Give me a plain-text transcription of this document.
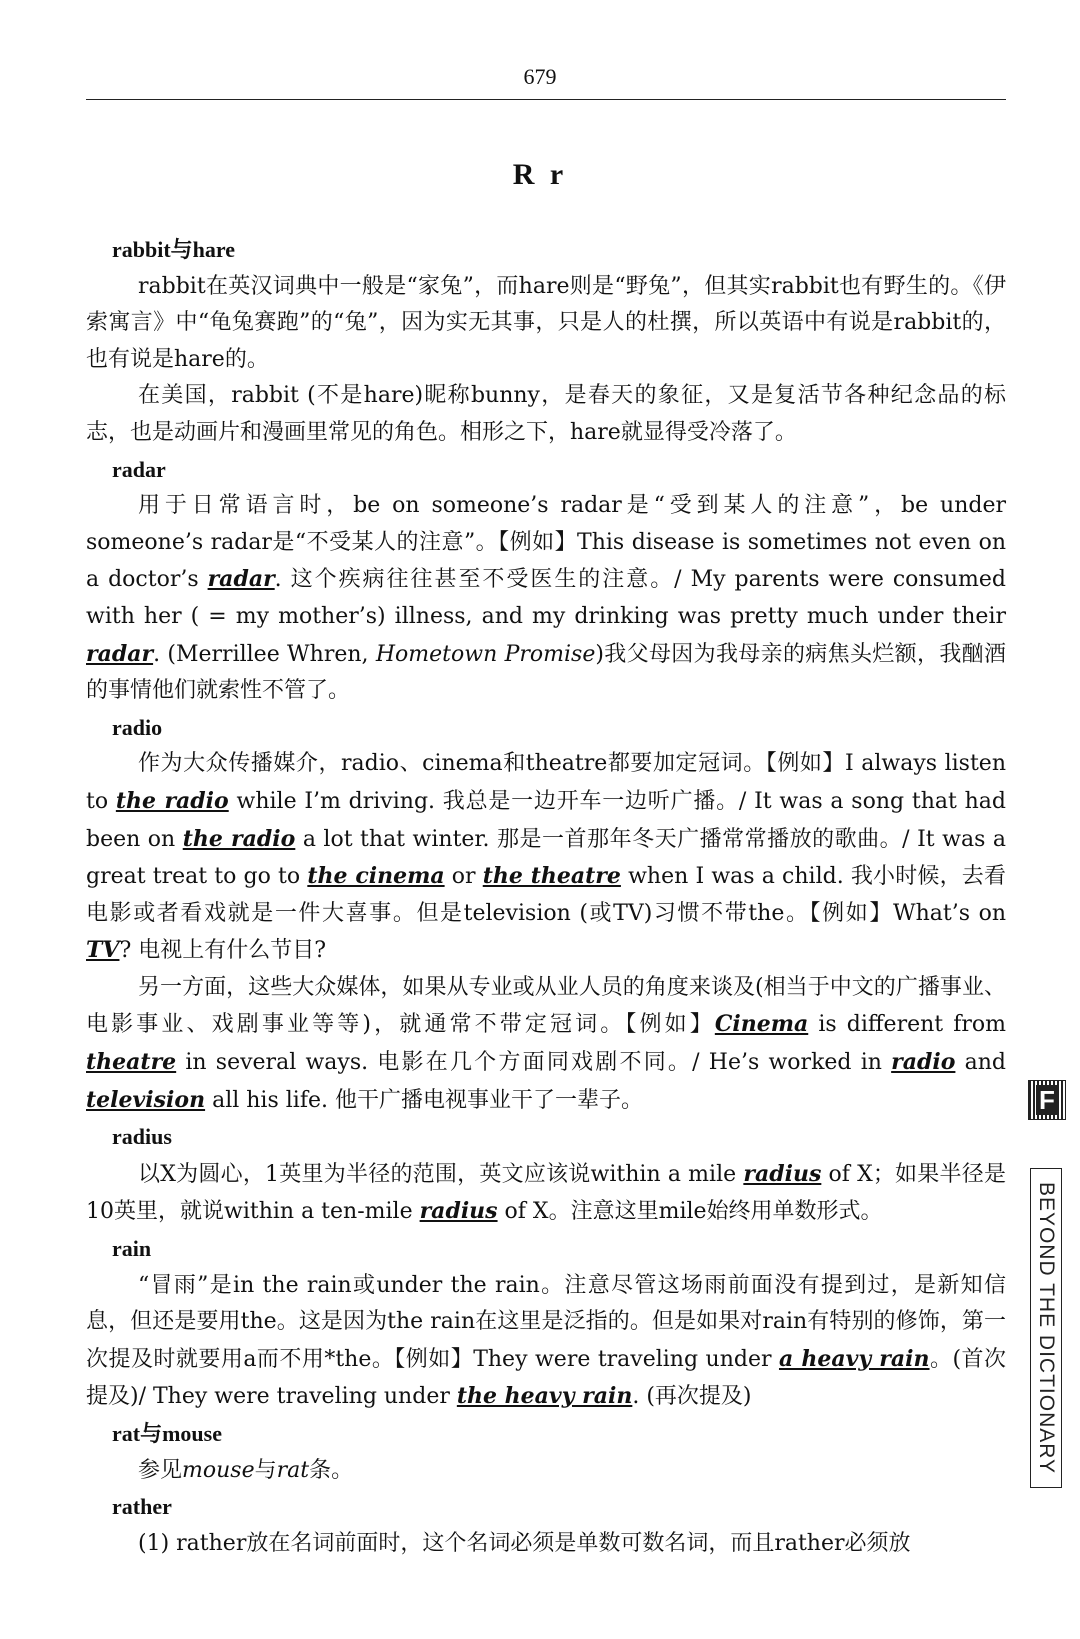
679
R r

rabbit与hare

rabbit在英汉词典中一般是“家兔”，而hare则是“野兔”，但其实rabbit也有野生的。《伊索寓言》中“龟兔赛跑”的“兔”，因为实无其事，只是人的杜撰，所以英语中有说是rabbit的，也有说是hare的。

在美国，rabbit (不是hare)昵称bunny，是春天的象征，又是复活节各种纪念品的标志，也是动画片和漫画里常见的角色。相形之下，hare就显得受冷落了。

radar

用于日常语言时，be on someone’s radar是“受到某人的注意”，be under someone’s radar是“不受某人的注意”。【例如】This disease is sometimes not even on a doctor’s radar. 这个疾病往往甚至不受医生的注意。/ My parents were consumed with her ( = my mother’s) illness, and my drinking was pretty much under their radar. (Merrillee Whren, Hometown Promise)我父母因为我母亲的病焦头烂额，我酗酒的事情他们就索性不管了。

radio

作为大众传播媒介，radio、cinema和theatre都要加定冠词。【例如】I always listen to the radio while I’m driving. 我总是一边开车一边听广播。/ It was a song that had been on the radio a lot that winter. 那是一首那年冬天广播常常播放的歌曲。/ It was a great treat to go to the cinema or the theatre when I was a child. 我小时候，去看电影或者看戏就是一件大喜事。但是television (或TV)习惯不带the。【例如】What’s on TV? 电视上有什么节目?

另一方面，这些大众媒体，如果从专业或从业人员的角度来谈及(相当于中文的广播事业、电影事业、戏剧事业等等)，就通常不带定冠词。【例如】Cinema is different from theatre in several ways. 电影在几个方面同戏剧不同。/ He’s worked in radio and television all his life. 他干广播电视事业干了一辈子。

radius

以X为圆心，1英里为半径的范围，英文应该说within a mile radius of X；如果半径是10英里，就说within a ten-mile radius of X。注意这里mile始终用单数形式。

rain

“冒雨”是in the rain或under the rain。注意尽管这场雨前面没有提到过，是新知信息，但还是要用the。这是因为the rain在这里是泛指的。但是如果对rain有特别的修饰，第一次提及时就要用a而不用*the。【例如】They were traveling under a heavy rain。(首次提及)/ They were traveling under the heavy rain. (再次提及)

rat与mouse

参见mouse与rat条。

rather

(1) rather放在名词前面时，这个名词必须是单数可数名词，而且rather必须放

F
BEYOND THE DICTIONARY
